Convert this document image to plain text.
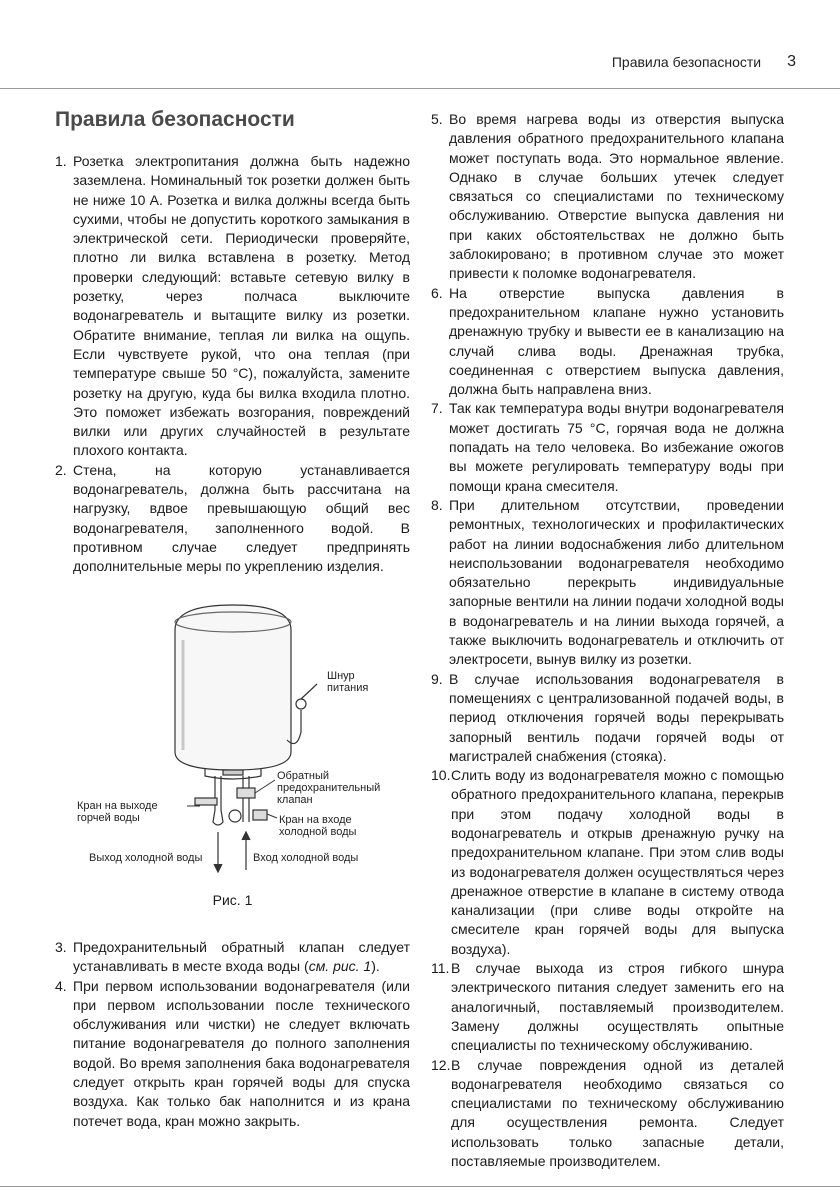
Правила безопасности 3
Правила безопасности
1. Розетка электропитания должна быть надежно заземлена. Номинальный ток розетки должен быть не ниже 10 А. Розетка и вилка должны всегда быть сухими, чтобы не допустить короткого замыкания в электрической сети. Периодически проверяйте, плотно ли вилка вставлена в розетку. Метод проверки следующий: вставьте сетевую вилку в розетку, через полчаса выключите водонагреватель и вытащите вилку из розетки. Обратите внимание, теплая ли вилка на ощупь. Если чувствуете рукой, что она теплая (при температуре свыше 50 °С), пожалуйста, замените розетку на другую, куда бы вилка входила плотно. Это поможет избежать возгорания, повреждений вилки или других случайностей в результате плохого контакта.
2. Стена, на которую устанавливается водонагреватель, должна быть рассчитана на нагрузку, вдвое превышающую общий вес водонагревателя, заполненного водой. В противном случае следует предпринять дополнительные меры по укреплению изделия.
Шнур
питания
Обратный
предохранительный
клапан
Кран на выходе
горчей воды	Кран на входе
холодной воды
Выход холодной воды	Вход холодной воды
Рис. 1
3. Предохранительный обратный клапан следует устанавливать в месте входа воды (см. рис. 1).
4. При первом использовании водонагревателя (или при первом использовании после технического обслуживания или чистки) не следует включать питание водонагревателя до полного заполнения водой. Во время заполнения бака водонагревателя следует открыть кран горячей воды для спуска воздуха. Как только бак наполнится и из крана потечет вода, кран можно закрыть.
5. Во время нагрева воды из отверстия выпуска давления обратного предохранительного клапана может поступать вода. Это нормальное явление. Однако в случае больших утечек следует связаться со специалистами по техническому обслуживанию. Отверстие выпуска давления ни при каких обстоятельствах не должно быть заблокировано; в противном случае это может привести к поломке водонагревателя.
6. На отверстие выпуска давления в предохранительном клапане нужно установить дренажную трубку и вывести ее в канализацию на случай слива воды. Дренажная трубка, соединенная с отверстием выпуска давления, должна быть направлена вниз.
7. Так как температура воды внутри водонагревателя может достигать 75 °C, горячая вода не должна попадать на тело человека. Во избежание ожогов вы можете регулировать температуру воды при помощи крана смесителя.
8. При длительном отсутствии, проведении ремонтных, технологических и профилактических работ на линии водоснабжения либо длительном неиспользовании водонагревателя необходимо обязательно перекрыть индивидуальные запорные вентили на линии подачи холодной воды в водонагреватель и на линии выхода горячей, а также выключить водонагреватель и отключить от электросети, вынув вилку из розетки.
9. В случае использования водонагревателя в помещениях с централизованной подачей воды, в период отключения горячей воды перекрывать запорный вентиль подачи горячей воды от магистралей снабжения (стояка).
10. Слить воду из водонагревателя можно с помощью обратного предохранительного клапана, перекрыв при этом подачу холодной воды в водонагреватель и открыв дренажную ручку на предохранительном клапане. При этом слив воды из водонагревателя должен осуществляться через дренажное отверстие в клапане в систему отвода канализации (при сливе воды откройте на смесителе кран горячей воды для выпуска воздуха).
11. В случае выхода из строя гибкого шнура электрического питания следует заменить его на аналогичный, поставляемый производителем. Замену должны осуществлять опытные специалисты по техническому обслуживанию.
12. В случае повреждения одной из деталей водонагревателя необходимо связаться со специалистами по техническому обслуживанию для осуществления ремонта. Следует использовать только запасные детали, поставляемые производителем.
